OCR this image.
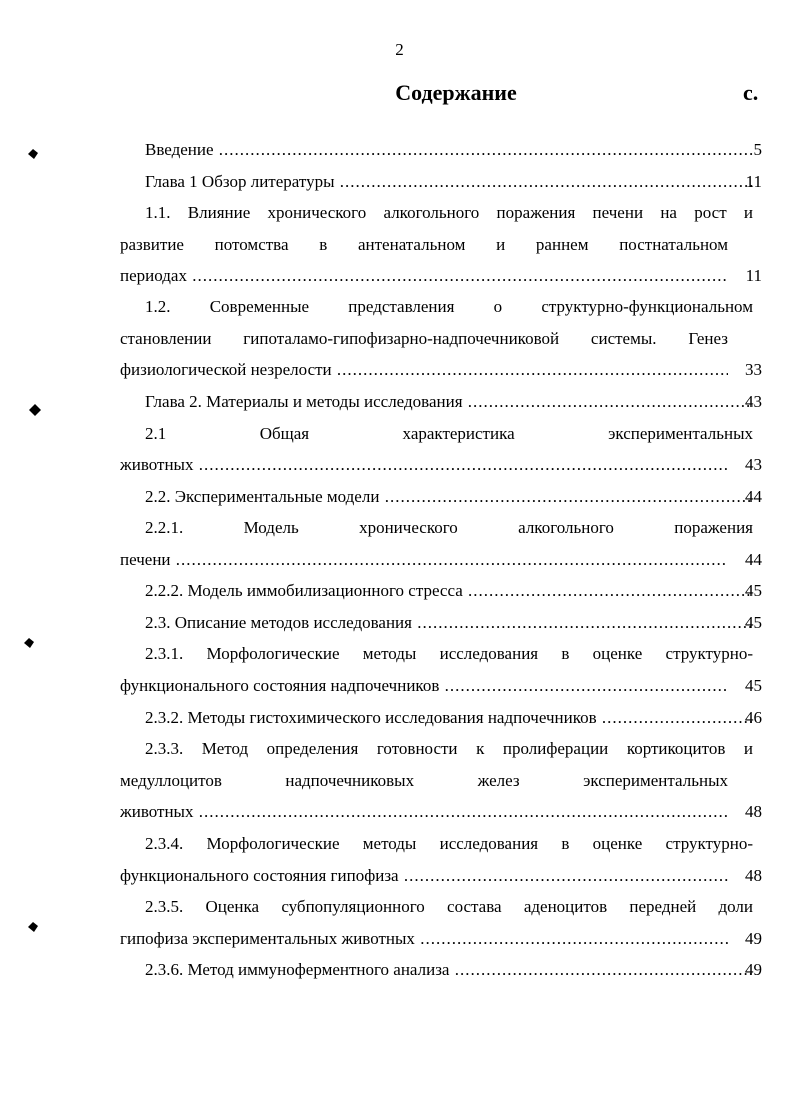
2
Содержание	с.
Введение .....	5
Глава 1 Обзор литературы .....	11
1.1. Влияние хронического алкогольного поражения печени на рост и
развитие потомства в антенатальном и раннем постнатальном
периодах .....	11
1.2. Современные представления о структурно-функциональном
становлении гипоталамо-гипофизарно-надпочечниковой системы. Генез
физиологической незрелости .....	33
Глава 2. Материалы и методы исследования .....	43
2.1 Общая характеристика экспериментальных
животных .....	43
2.2. Экспериментальные модели .....	44
2.2.1. Модель хронического алкогольного поражения
печени .....	44
2.2.2. Модель иммобилизационного стресса .....	45
2.3. Описание методов исследования .....	45
2.3.1. Морфологические методы исследования в оценке структурно-
функционального состояния надпочечников .....	45
2.3.2. Методы гистохимического исследования надпочечников .....	46
2.3.3. Метод определения готовности к пролиферации кортикоцитов и
медуллоцитов надпочечниковых желез экспериментальных
животных .....	48
2.3.4. Морфологические методы исследования в оценке структурно-
функционального состояния гипофиза .....	48
2.3.5. Оценка субпопуляционного состава аденоцитов передней доли
гипофиза экспериментальных животных .....	49
2.3.6. Метод иммуноферментного анализа .....	49
